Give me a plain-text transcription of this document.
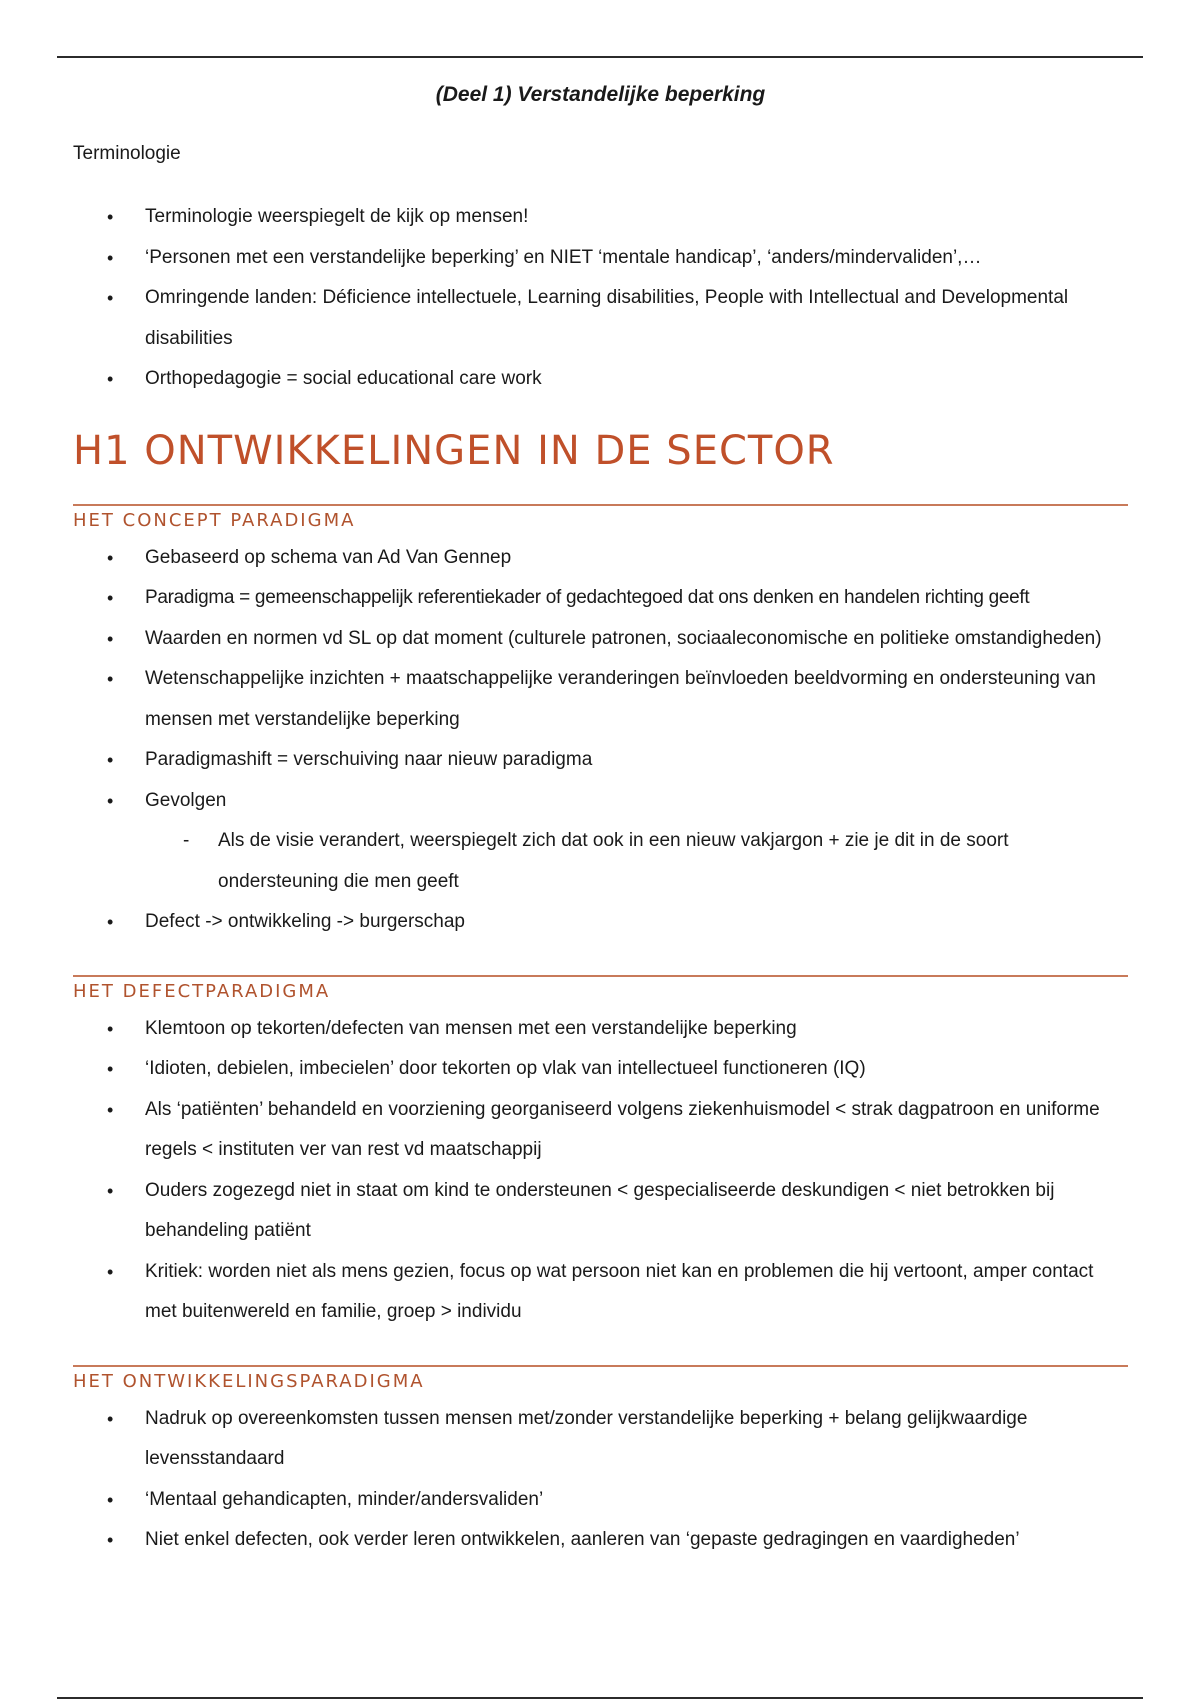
(Deel 1) Verstandelijke beperking
Terminologie
• Terminologie weerspiegelt de kijk op mensen!
• ‘Personen met een verstandelijke beperking’ en NIET ‘mentale handicap’, ‘anders/mindervaliden’,…
• Omringende landen: Déficience intellectuele, Learning disabilities, People with Intellectual and Developmental disabilities
• Orthopedagogie = social educational care work
H1 ONTWIKKELINGEN IN DE SECTOR
HET CONCEPT PARADIGMA
• Gebaseerd op schema van Ad Van Gennep
• Paradigma = gemeenschappelijk referentiekader of gedachtegoed dat ons denken en handelen richting geeft
• Waarden en normen vd SL op dat moment (culturele patronen, sociaaleconomische en politieke omstandigheden)
• Wetenschappelijke inzichten + maatschappelijke veranderingen beïnvloeden beeldvorming en ondersteuning van mensen met verstandelijke beperking
• Paradigmashift = verschuiving naar nieuw paradigma
• Gevolgen
- Als de visie verandert, weerspiegelt zich dat ook in een nieuw vakjargon + zie je dit in de soort ondersteuning die men geeft
• Defect -> ontwikkeling -> burgerschap
HET DEFECTPARADIGMA
• Klemtoon op tekorten/defecten van mensen met een verstandelijke beperking
• ‘Idioten, debielen, imbecielen’ door tekorten op vlak van intellectueel functioneren (IQ)
• Als ‘patiënten’ behandeld en voorziening georganiseerd volgens ziekenhuismodel < strak dagpatroon en uniforme regels < instituten ver van rest vd maatschappij
• Ouders zogezegd niet in staat om kind te ondersteunen < gespecialiseerde deskundigen < niet betrokken bij behandeling patiënt
• Kritiek: worden niet als mens gezien, focus op wat persoon niet kan en problemen die hij vertoont, amper contact met buitenwereld en familie, groep > individu
HET ONTWIKKELINGSPARADIGMA
• Nadruk op overeenkomsten tussen mensen met/zonder verstandelijke beperking + belang gelijkwaardige levensstandaard
• ‘Mentaal gehandicapten, minder/andersvaliden’
• Niet enkel defecten, ook verder leren ontwikkelen, aanleren van ‘gepaste gedragingen en vaardigheden’
